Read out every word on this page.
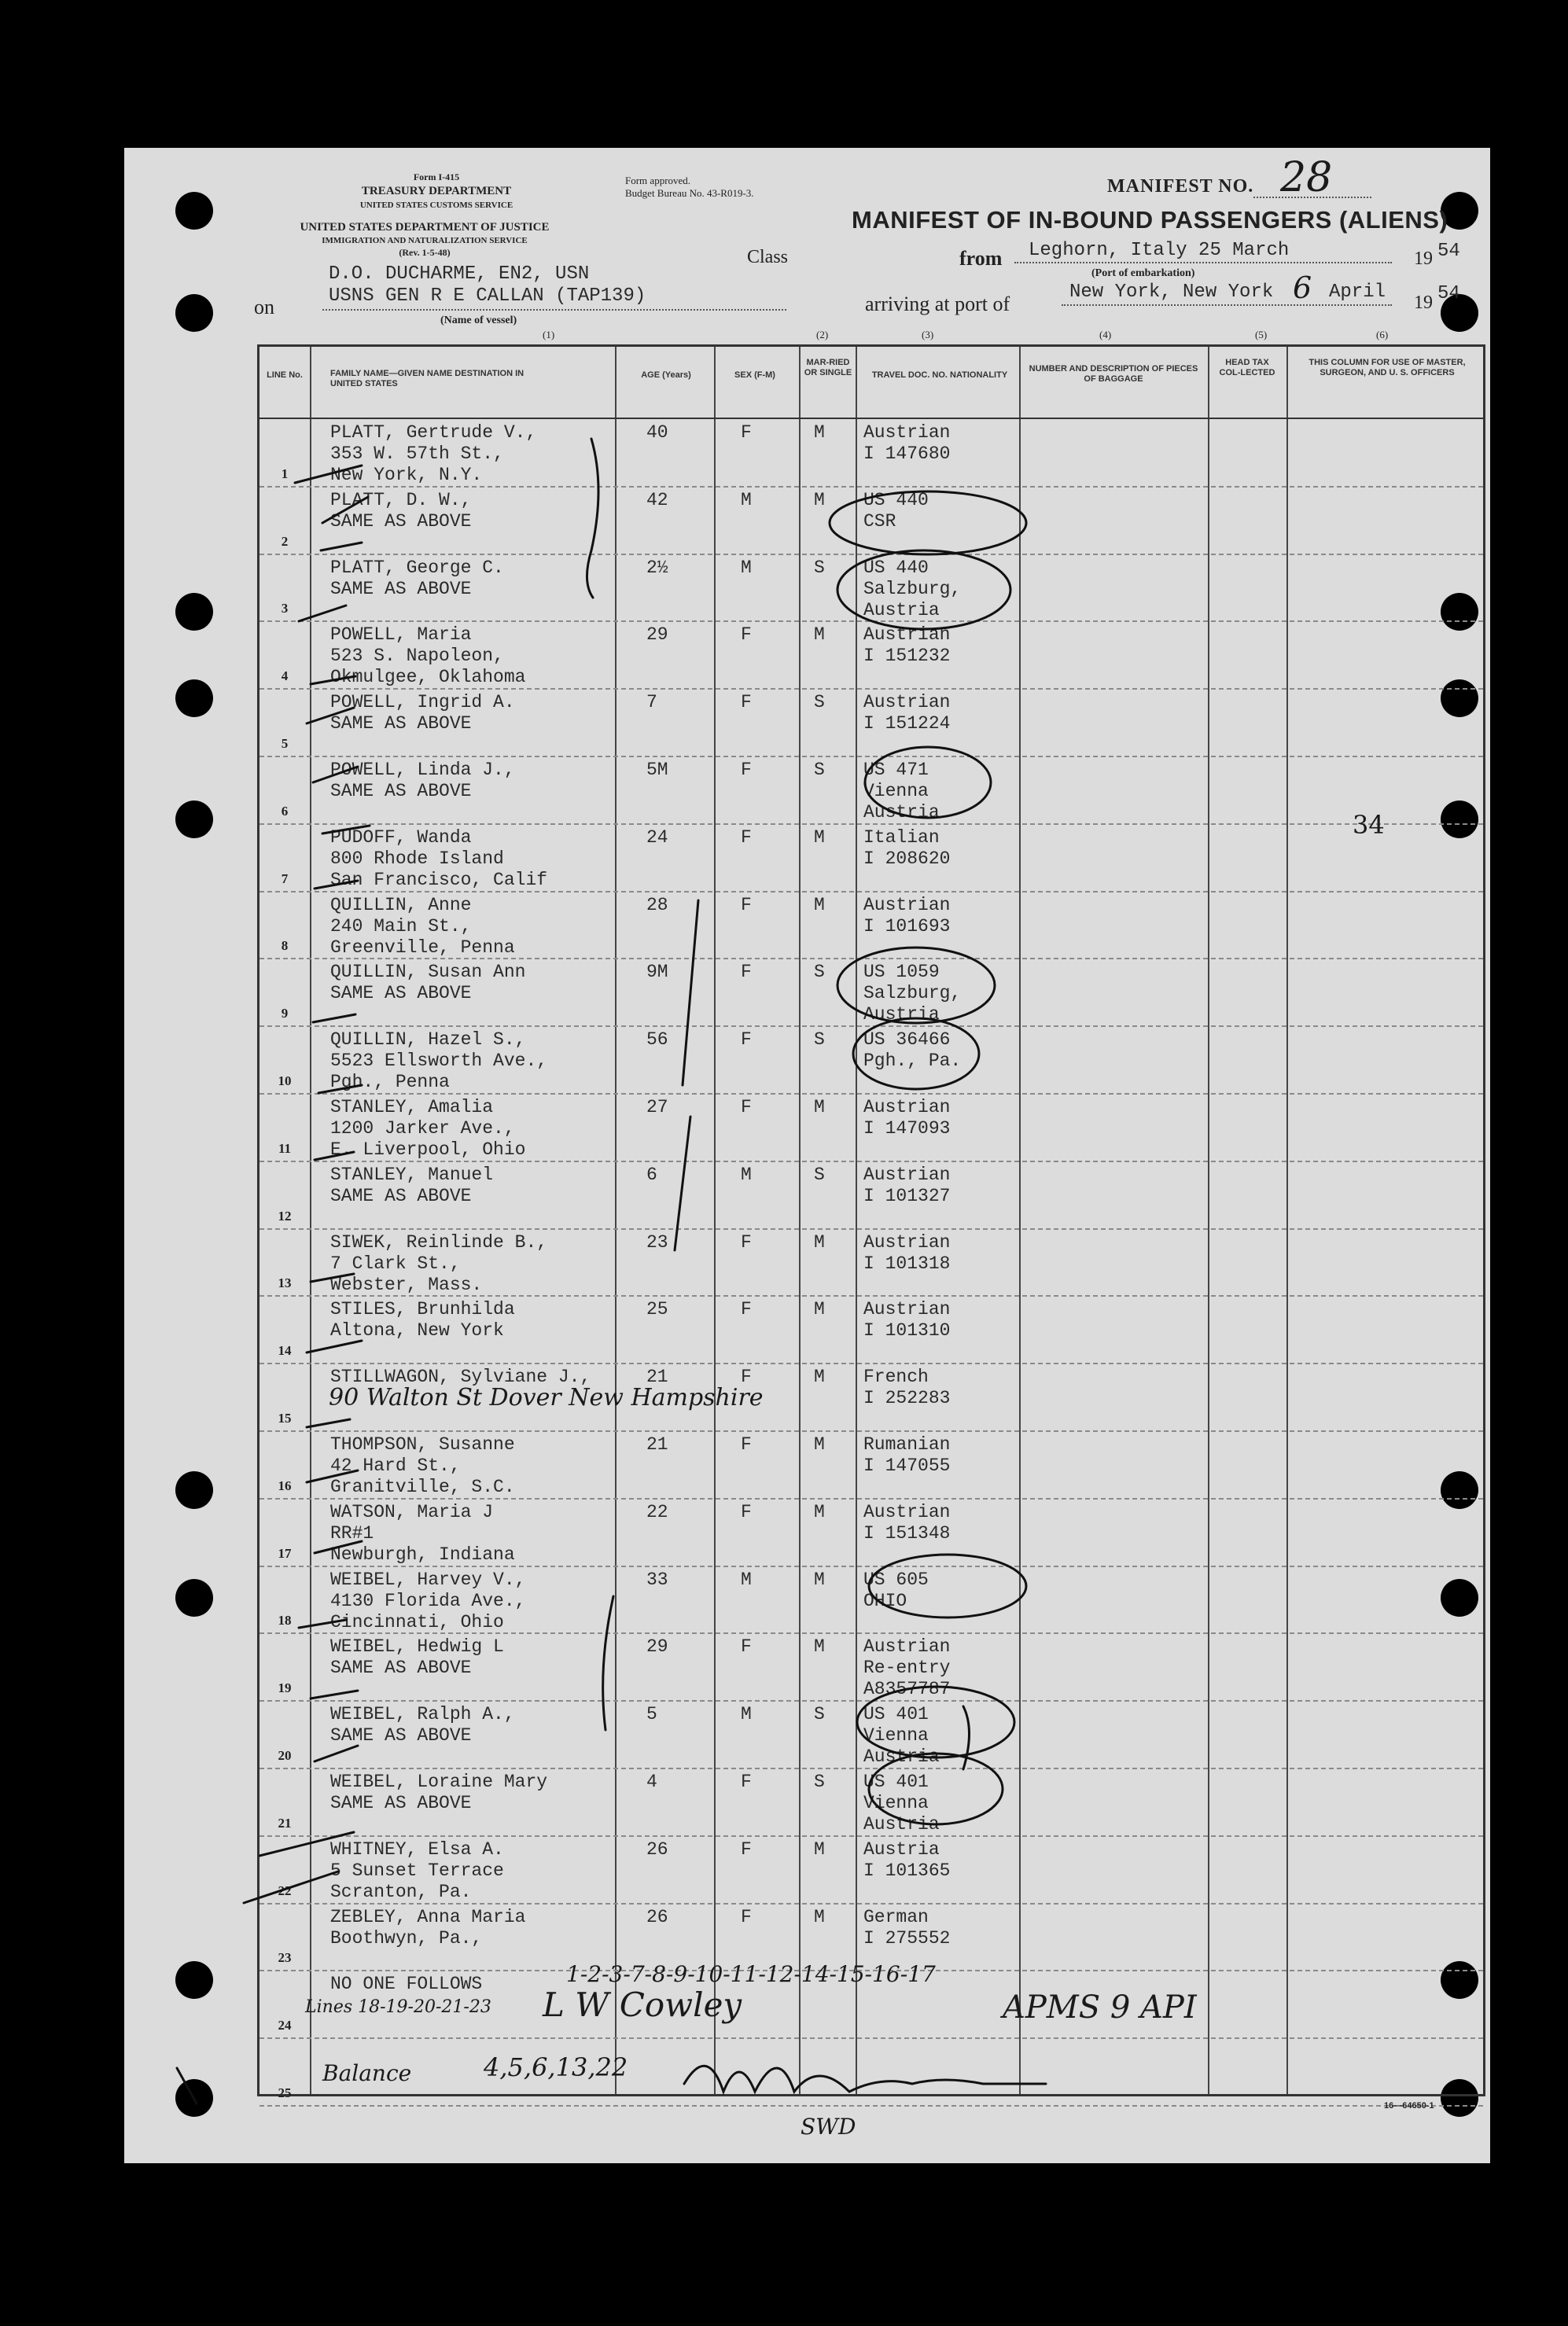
Form I-415
TREASURY DEPARTMENT
UNITED STATES CUSTOMS SERVICE
Form approved.
Budget Bureau No. 43-R019-3.
UNITED STATES DEPARTMENT OF JUSTICE
IMMIGRATION AND NATURALIZATION SERVICE
(Rev. 1-5-48)
MANIFEST NO. 28
MANIFEST OF IN-BOUND PASSENGERS (ALIENS)
D.O. DUCHARME, EN2, USN
Class	from Leghorn, Italy 25 March	19 54
(Port of embarkation)
on	USNS GEN R E CALLAN (TAP139)
(Name of vessel)
arriving at port of
New York, New York 6 April 19 54
(1)	(2)	(3)	(4)	(5)	(6)
LINE No.	FAMILY NAME—GIVEN NAME DESTINATION IN UNITED STATES
AGE (Years)	SEX (F-M)
MAR-RIED OR SINGLE	TRAVEL DOC. NO. NATIONALITY
NUMBER AND DESCRIPTION OF PIECES OF BAGGAGE
HEAD TAX COL-LECTED
THIS COLUMN FOR USE OF MASTER, SURGEON, AND U. S. OFFICERS
1
PLATT, Gertrude V.,
353 W. 57th St.,
New York, N.Y.
40	F	M Austrian
I 147680
2
PLATT, D. W.,
SAME AS ABOVE
42	M	M US 440
CSR
3
PLATT, George C.
SAME AS ABOVE
2½	M	S US 440
Salzburg,
Austria
4
POWELL, Maria
523 S. Napoleon,
Okmulgee, Oklahoma
29	F	M Austrian
I 151232
5
POWELL, Ingrid A.
SAME AS ABOVE
7	F	S Austrian
I 151224
6
POWELL, Linda J.,
SAME AS ABOVE
5M	F	S US 471
Vienna
Austria
7
PUDOFF, Wanda
800 Rhode Island
San Francisco, Calif
24	F	M Italian
I 208620
8
QUILLIN, Anne
240 Main St.,
Greenville, Penna
28	F	M Austrian
I 101693
9
QUILLIN, Susan Ann
SAME AS ABOVE
9M	F	S US 1059
Salzburg,
Austria
10
QUILLIN, Hazel S.,
5523 Ellsworth Ave.,
Pgh., Penna
56	F	S US 36466
Pgh., Pa.
11
STANLEY, Amalia
1200 Jarker Ave.,
E. Liverpool, Ohio
27	F	M Austrian
I 147093
12
STANLEY, Manuel
SAME AS ABOVE
6	M	S Austrian
I 101327
13
SIWEK, Reinlinde B.,
7 Clark St.,
Webster, Mass.
23	F	M Austrian
I 101318
14
STILES, Brunhilda
Altona, New York
25	F	M Austrian
I 101310
15
STILLWAGON, Sylviane J.,	21	F	M French
I 252283
16
THOMPSON, Susanne
42 Hard St.,
Granitville, S.C.
21	F	M Rumanian
I 147055
17
WATSON, Maria J
RR#1
Newburgh, Indiana
22	F	M Austrian
I 151348
18
WEIBEL, Harvey V.,
4130 Florida Ave.,
Cincinnati, Ohio
33	M	M US 605
OHIO
19
WEIBEL, Hedwig L
SAME AS ABOVE
29	F	M Austrian
Re-entry
A8357787
20
WEIBEL, Ralph A.,
SAME AS ABOVE
5	M	S US 401
Vienna
Austria
21
WEIBEL, Loraine Mary
SAME AS ABOVE
4	F	S US 401
Vienna
Austria
22
WHITNEY, Elsa A.
5 Sunset Terrace
Scranton, Pa.
26	F	M Austria
I 101365
23
ZEBLEY, Anna Maria
Boothwyn, Pa.,
26	F	M German
I 275552
24
NO ONE FOLLOWS
25
16—64650-1
34
90 Walton St Dover New Hampshire
Lines 18-19-20-21-23 L W Cowley
1-2-3-7-8-9-10-11-12-14-15-16-17
APMS 9 API
Balance	4,5,6,13,22
SWD
